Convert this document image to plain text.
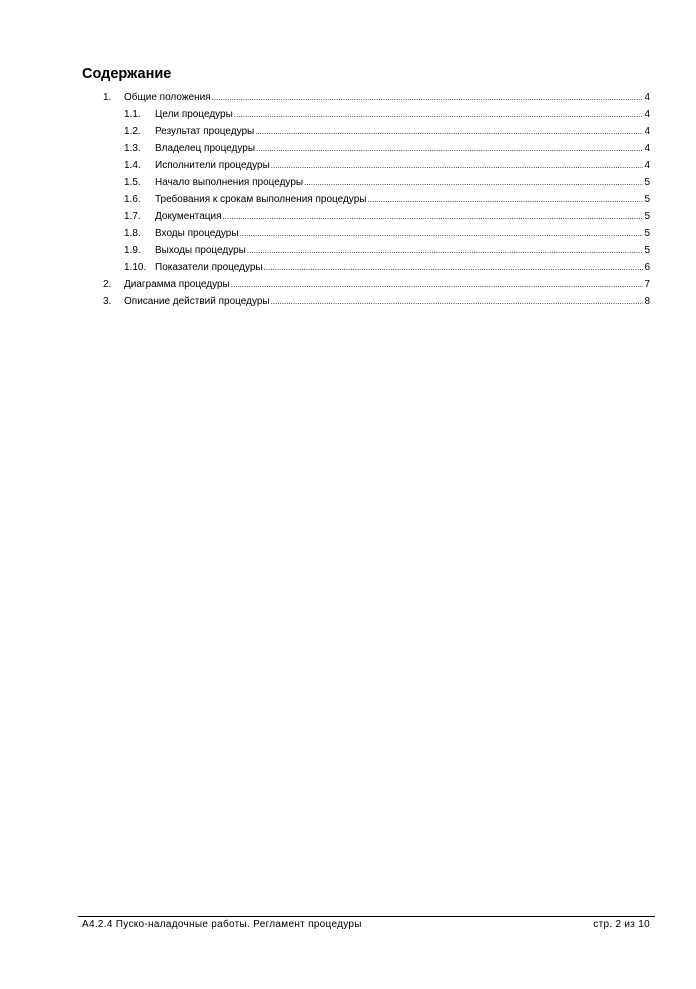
Содержание
1. Общие положения .....	4
1.1. Цели процедуры .....	4
1.2. Результат процедуры .....	4
1.3. Владелец процедуры .....	4
1.4. Исполнители процедуры .....	4
1.5. Начало выполнения процедуры .....	5
1.6. Требования к срокам выполнения процедуры .....	5
1.7. Документация .....	5
1.8. Входы процедуры .....	5
1.9. Выходы процедуры .....	5
1.10. Показатели процедуры .....	6
2. Диаграмма процедуры .....	7
3. Описание действий процедуры .....	8
А4.2.4 Пуско-наладочные работы. Регламент процедуры	стр. 2 из 10
